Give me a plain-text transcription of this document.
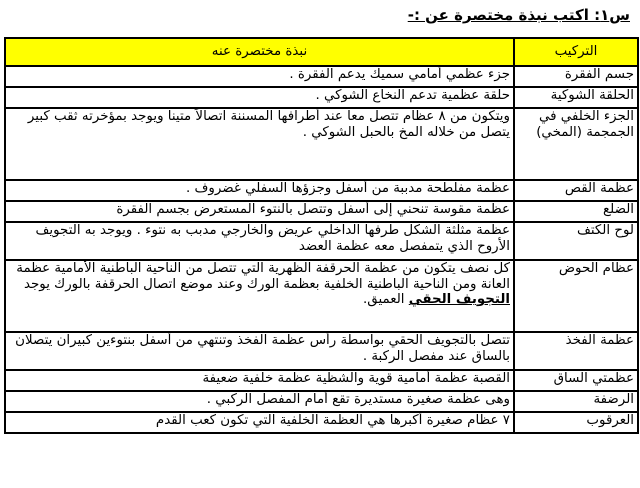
س١: اكتب نبذة مختصرة عن :-
التركيب	نبذة مختصرة عنه
جسم الفقرة	جزء عظمي أمامي سميك يدعم الفقرة .
الحلقة الشوكية	حلقة عظمية تدعم النخاع الشوكي .
الجزء الخلفي في الجمجمة (المخي)	ويتكون من ٨ عظام تتصل معا عند أطرافها المسننة اتصالاً متيناً ويوجد بمؤخرته ثقب كبير يتصل من خلاله المخ بالحبل الشوكي .
عظمة القص	عظمة مفلطحة مدببة من أسفل وجزؤها السفلي غضروف .
الضلع	عظمة مقوسة تنحني إلى أسفل وتتصل بالنتوء المستعرض بجسم الفقرة
لوح الكتف	عظمة مثلثة الشكل طرفها الداخلي عريض والخارجي مدبب به نتوء . ويوجد به التجويف الأروح الذي يتمفصل معه عظمة العضد
عظام الحوض	كل نصف يتكون من عظمة الحرقفة الظهرية التي تتصل من الناحية الباطنية الأمامية عظمة العانة ومن الناحية الباطنية الخلفية بعظمة الورك وعند موضع اتصال الحرقفة بالورك يوجد التجويف الحقي العميق.
عظمة الفخذ	تتصل بالتجويف الحقي بواسطة رأس عظمة الفخذ وتنتهي من أسفل بنتوءين كبيران يتصلان بالساق عند مفصل الركبة .
عظمتي الساق	القصبة عظمة أمامية قوية والشظية عظمة خلفية ضعيفة
الرضفة	وهى عظمة صغيرة مستديرة تقع أمام المفصل الركبي .
العرقوب	٧ عظام صغيرة أكبرها هي العظمة الخلفية التي تكون كعب القدم
